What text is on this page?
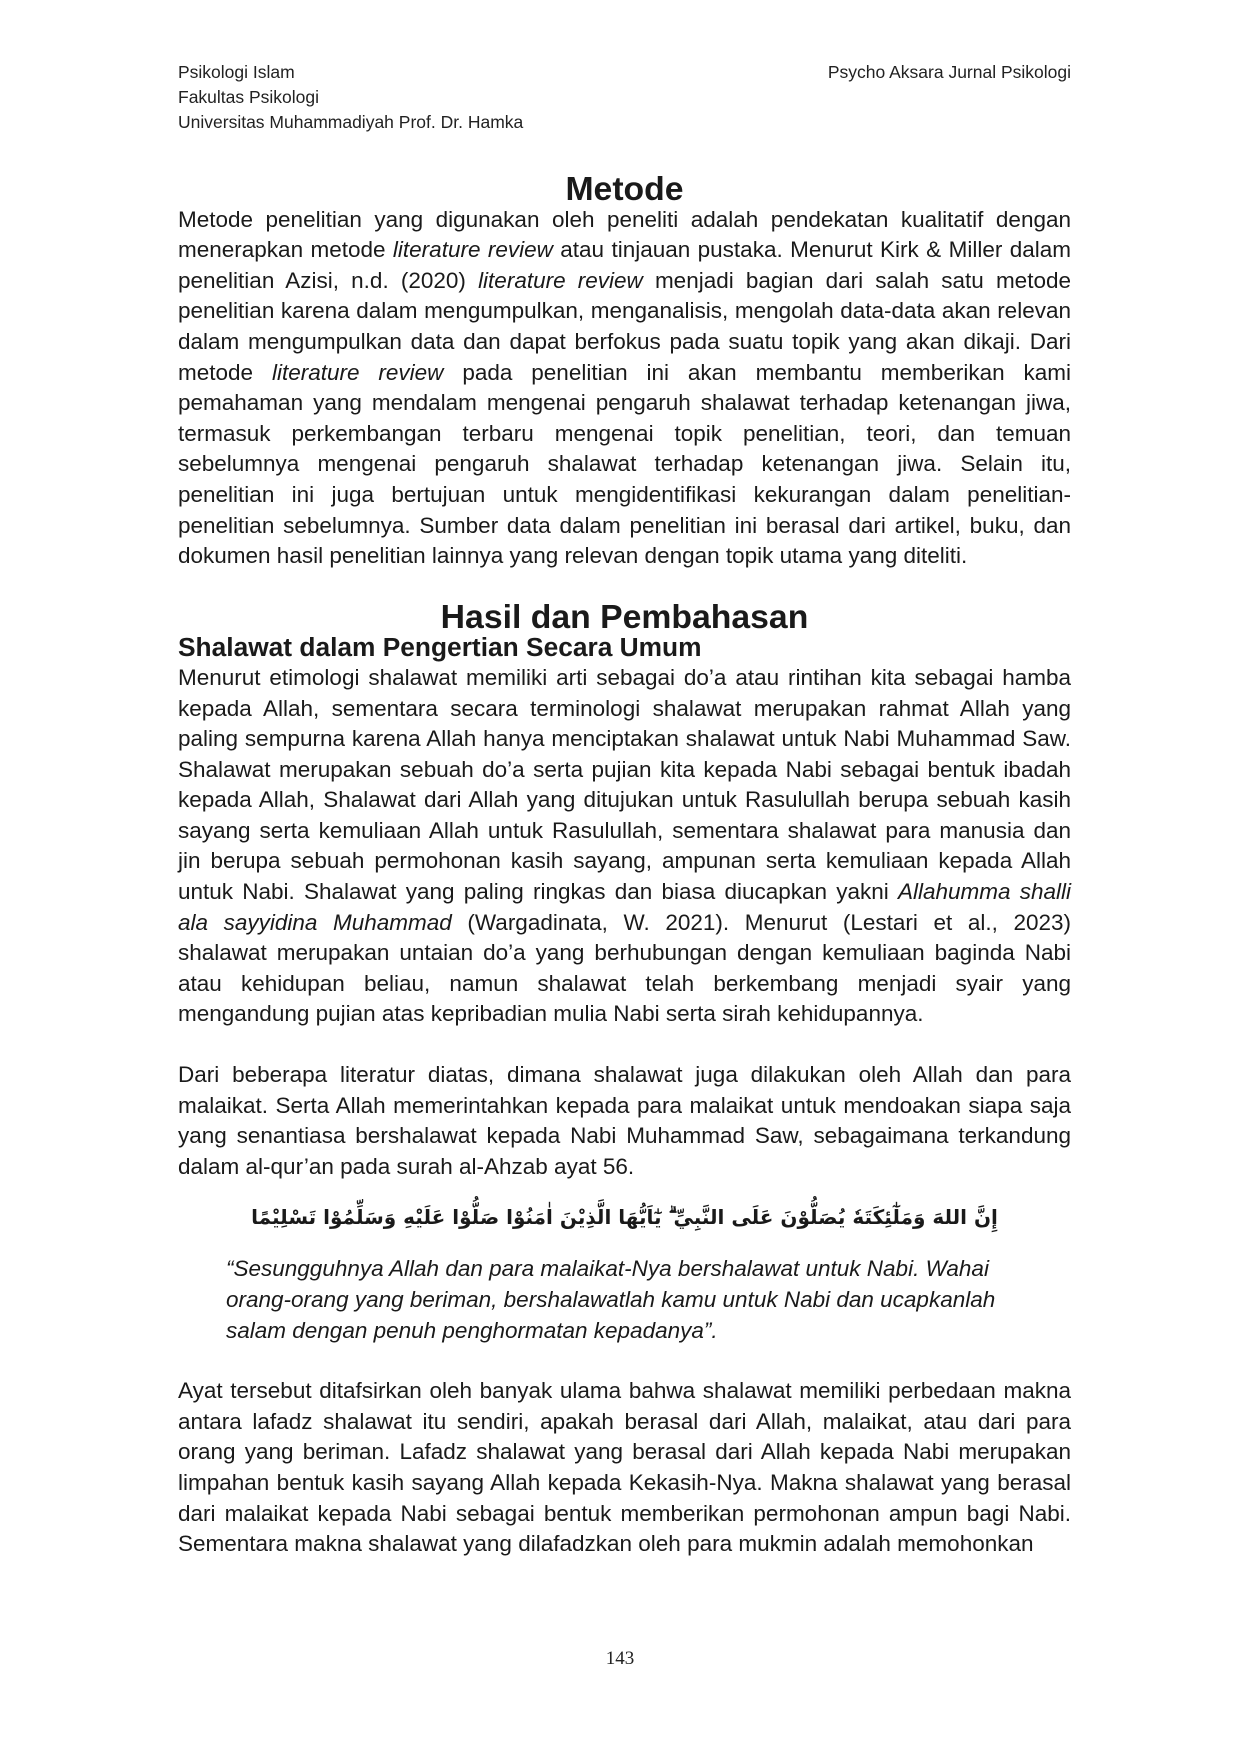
Psikologi Islam
Fakultas Psikologi
Universitas Muhammadiyah Prof. Dr. Hamka
Psycho Aksara Jurnal Psikologi
Metode

Metode penelitian yang digunakan oleh peneliti adalah pendekatan kualitatif dengan menerapkan metode literature review atau tinjauan pustaka. Menurut Kirk & Miller dalam penelitian Azisi, n.d. (2020) literature review menjadi bagian dari salah satu metode penelitian karena dalam mengumpulkan, menganalisis, mengolah data-data akan relevan dalam mengumpulkan data dan dapat berfokus pada suatu topik yang akan dikaji. Dari metode literature review pada penelitian ini akan membantu memberikan kami pemahaman yang mendalam mengenai pengaruh shalawat terhadap ketenangan jiwa, termasuk perkembangan terbaru mengenai topik penelitian, teori, dan temuan sebelumnya mengenai pengaruh shalawat terhadap ketenangan jiwa. Selain itu, penelitian ini juga bertujuan untuk mengidentifikasi kekurangan dalam penelitian-penelitian sebelumnya. Sumber data dalam penelitian ini berasal dari artikel, buku, dan dokumen hasil penelitian lainnya yang relevan dengan topik utama yang diteliti.

Hasil dan Pembahasan
Shalawat dalam Pengertian Secara Umum

Menurut etimologi shalawat memiliki arti sebagai do’a atau rintihan kita sebagai hamba kepada Allah, sementara secara terminologi shalawat merupakan rahmat Allah yang paling sempurna karena Allah hanya menciptakan shalawat untuk Nabi Muhammad Saw. Shalawat merupakan sebuah do’a serta pujian kita kepada Nabi sebagai bentuk ibadah kepada Allah, Shalawat dari Allah yang ditujukan untuk Rasulullah berupa sebuah kasih sayang serta kemuliaan Allah untuk Rasulullah, sementara shalawat para manusia dan jin berupa sebuah permohonan kasih sayang, ampunan serta kemuliaan kepada Allah untuk Nabi. Shalawat yang paling ringkas dan biasa diucapkan yakni Allahumma shalli ala sayyidina Muhammad (Wargadinata, W. 2021). Menurut (Lestari et al., 2023) shalawat merupakan untaian do’a yang berhubungan dengan kemuliaan baginda Nabi atau kehidupan beliau, namun shalawat telah berkembang menjadi syair yang mengandung pujian atas kepribadian mulia Nabi serta sirah kehidupannya.

Dari beberapa literatur diatas, dimana shalawat juga dilakukan oleh Allah dan para malaikat. Serta Allah memerintahkan kepada para malaikat untuk mendoakan siapa saja yang senantiasa bershalawat kepada Nabi Muhammad Saw, sebagaimana terkandung dalam al-qur’an pada surah al-Ahzab ayat 56.

إِنَّ اللهَ وَمَلٰٓئِكَتَهٗ يُصَلُّوْنَ عَلَى النَّبِيِّ ۗ يٰٓاَيُّهَا الَّذِيْنَ اٰمَنُوْا صَلُّوْا عَلَيْهِ وَسَلِّمُوْا تَسْلِيْمًا

“Sesungguhnya Allah dan para malaikat-Nya bershalawat untuk Nabi. Wahai orang-orang yang beriman, bershalawatlah kamu untuk Nabi dan ucapkanlah salam dengan penuh penghormatan kepadanya”.

Ayat tersebut ditafsirkan oleh banyak ulama bahwa shalawat memiliki perbedaan makna antara lafadz shalawat itu sendiri, apakah berasal dari Allah, malaikat, atau dari para orang yang beriman. Lafadz shalawat yang berasal dari Allah kepada Nabi merupakan limpahan bentuk kasih sayang Allah kepada Kekasih-Nya. Makna shalawat yang berasal dari malaikat kepada Nabi sebagai bentuk memberikan permohonan ampun bagi Nabi. Sementara makna shalawat yang dilafadzkan oleh para mukmin adalah memohonkan

143
